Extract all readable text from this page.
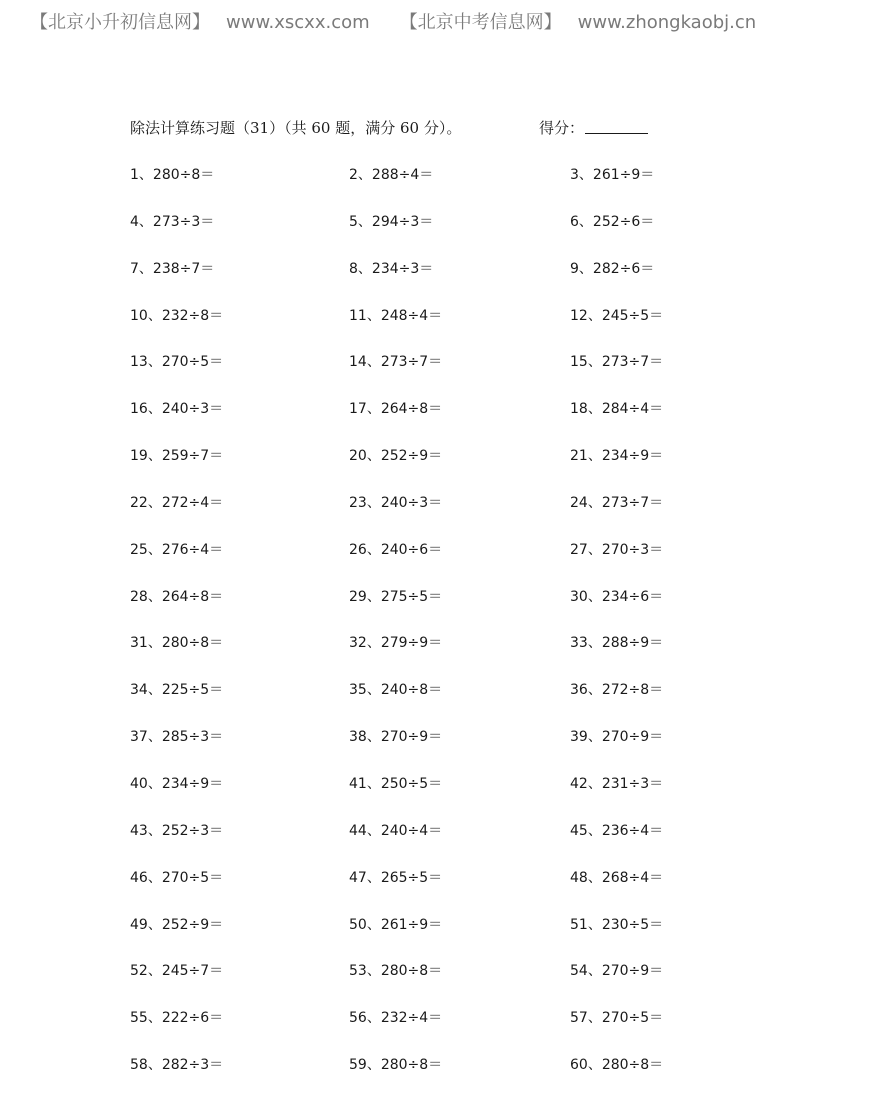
【北京小升初信息网】 www.xscxx.com 【北京中考信息网】 www.zhongkaobj.cn
除法计算练习题（31）（共 60 题，满分 60 分）。	得分：
1、280÷8＝	2、288÷4＝	3、261÷9＝
4、273÷3＝	5、294÷3＝	6、252÷6＝
7、238÷7＝	8、234÷3＝	9、282÷6＝
10、232÷8＝	11、248÷4＝	12、245÷5＝
13、270÷5＝	14、273÷7＝	15、273÷7＝
16、240÷3＝	17、264÷8＝	18、284÷4＝
19、259÷7＝	20、252÷9＝	21、234÷9＝
22、272÷4＝	23、240÷3＝	24、273÷7＝
25、276÷4＝	26、240÷6＝	27、270÷3＝
28、264÷8＝	29、275÷5＝	30、234÷6＝
31、280÷8＝	32、279÷9＝	33、288÷9＝
34、225÷5＝	35、240÷8＝	36、272÷8＝
37、285÷3＝	38、270÷9＝	39、270÷9＝
40、234÷9＝	41、250÷5＝	42、231÷3＝
43、252÷3＝	44、240÷4＝	45、236÷4＝
46、270÷5＝	47、265÷5＝	48、268÷4＝
49、252÷9＝	50、261÷9＝	51、230÷5＝
52、245÷7＝	53、280÷8＝	54、270÷9＝
55、222÷6＝	56、232÷4＝	57、270÷5＝
58、282÷3＝	59、280÷8＝	60、280÷8＝
